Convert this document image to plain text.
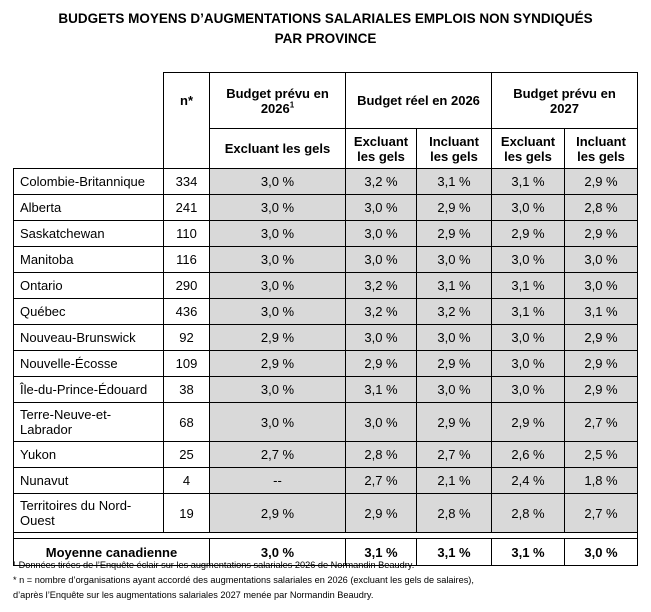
BUDGETS MOYENS D’AUGMENTATIONS SALARIALES EMPLOIS NON SYNDIQUÉS
PAR PROVINCE
	n*	Budget prévu en 2026$^1$	Budget réel en 2026		Budget prévu en 2027	
		Excluant les gels	Excluant les gels	Incluant les gels	Excluant les gels	Incluant les gels
Colombie-Britannique	334	3,0 %	3,2 %	3,1 %	3,1 %	2,9 %
Alberta	241	3,0 %	3,0 %	2,9 %	3,0 %	2,8 %
Saskatchewan	110	3,0 %	3,0 %	2,9 %	2,9 %	2,9 %
Manitoba	116	3,0 %	3,0 %	3,0 %	3,0 %	3,0 %
Ontario	290	3,0 %	3,2 %	3,1 %	3,1 %	3,0 %
Québec	436	3,0 %	3,2 %	3,2 %	3,1 %	3,1 %
Nouveau-Brunswick	92	2,9 %	3,0 %	3,0 %	3,0 %	2,9 %
Nouvelle-Écosse	109	2,9 %	2,9 %	2,9 %	3,0 %	2,9 %
Île-du-Prince-Édouard	38	3,0 %	3,1 %	3,0 %	3,0 %	2,9 %
Terre-Neuve-et-Labrador	68	3,0 %	3,0 %	2,9 %	2,9 %	2,7 %
Yukon	25	2,7 %	2,8 %	2,7 %	2,6 %	2,5 %
Nunavut	4	--	2,7 %	2,1 %	2,4 %	1,8 %
Territoires du Nord-Ouest	19	2,9 %	2,9 %	2,8 %	2,8 %	2,7 %

Moyenne canadienne		3,0 %	3,1 %	3,1 %	3,1 %	3,0 %
¹ Données tirées de l’Enquête éclair sur les augmentations salariales 2026 de Normandin Beaudry.
* n = nombre d’organisations ayant accordé des augmentations salariales en 2026 (excluant les gels de salaires),
d’après l’Enquête sur les augmentations salariales 2027 menée par Normandin Beaudry.
